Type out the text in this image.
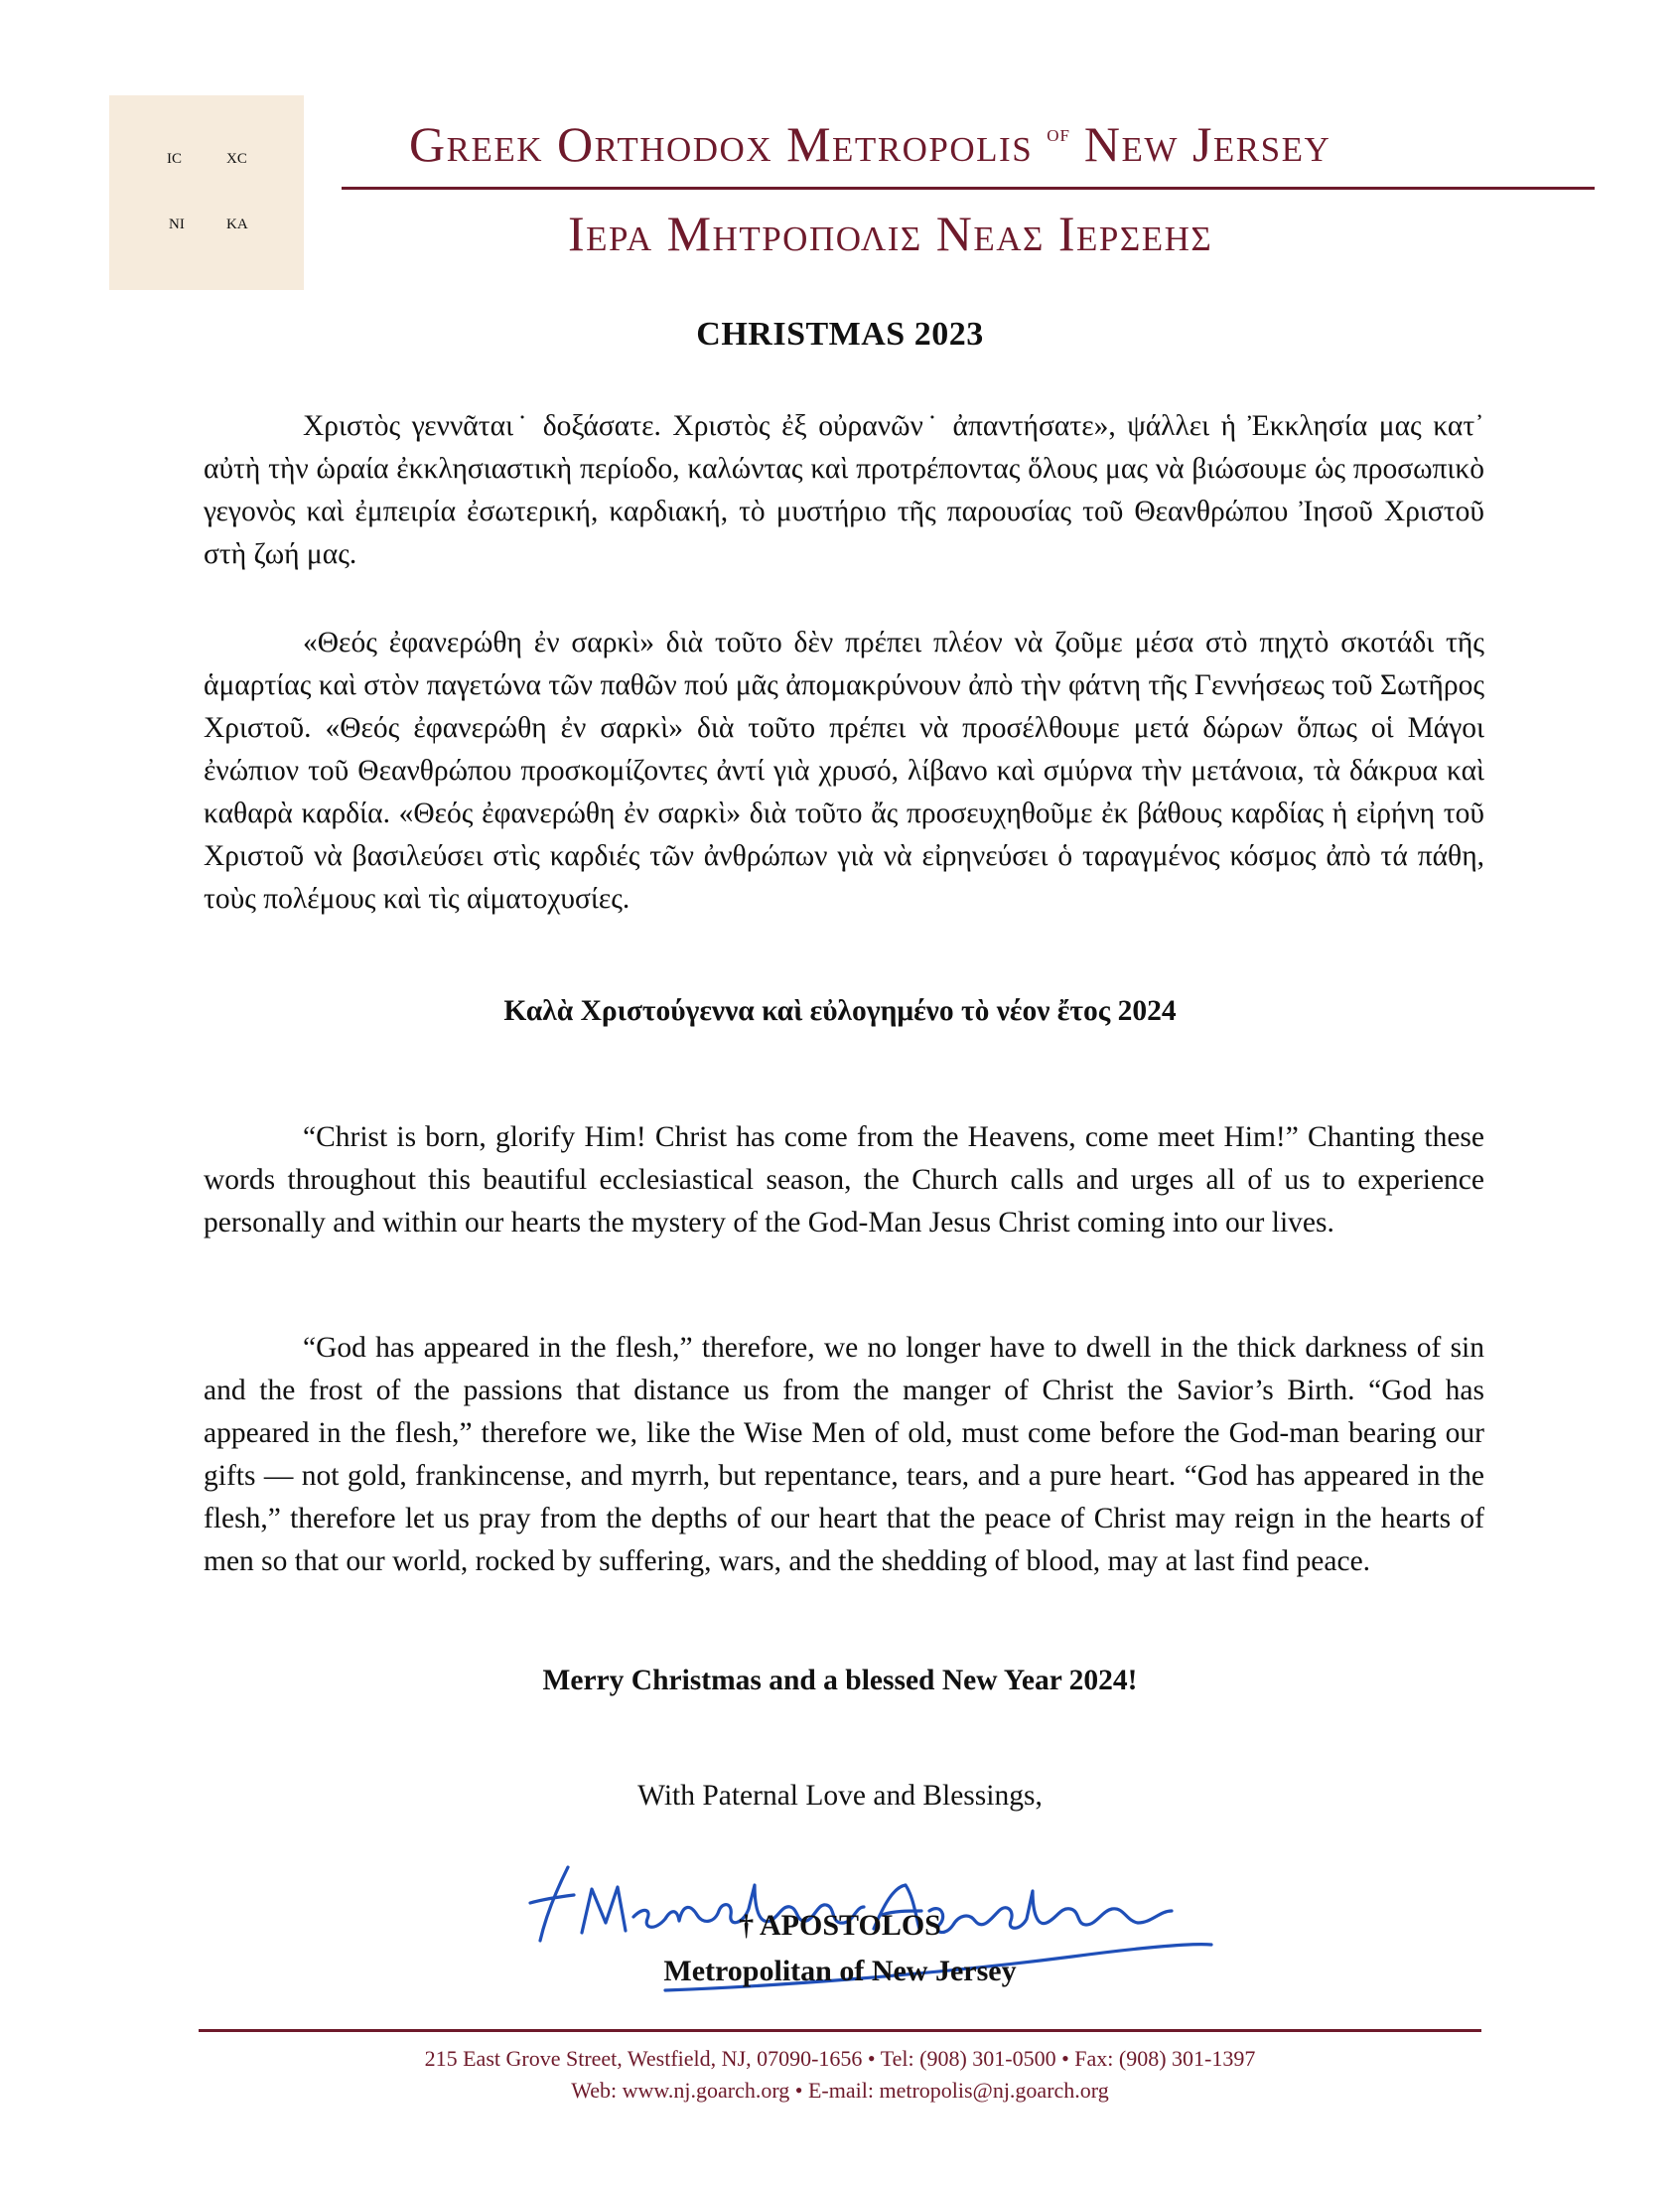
IC	XC
NI	KA
Greek Orthodox Metropolis $^{of}$ New Jersey
Ιερα Μητροπολις Νεας Ιερσεης
CHRISTMAS 2023
Χριστὸς γεννᾶται˙ δοξάσατε. Χριστὸς ἐξ οὐρανῶν˙ ἀπαντήσατε», ψάλλει ἡ Ἐκκλησία μας κατ᾽ αὐτὴ τὴν ὡραία ἐκκλησιαστικὴ περίοδο, καλώντας καὶ προτρέποντας ὅλους μας νὰ βιώσουμε ὡς προσωπικὸ γεγονὸς καὶ ἐμπειρία ἐσωτερική, καρδιακή, τὸ μυστήριο τῆς παρουσίας τοῦ Θεανθρώπου Ἰησοῦ Χριστοῦ στὴ ζωή μας.
«Θεός ἐφανερώθη ἐν σαρκὶ» διὰ τοῦτο δὲν πρέπει πλέον νὰ ζοῦμε μέσα στὸ πηχτὸ σκοτάδι τῆς ἁμαρτίας καὶ στὸν παγετώνα τῶν παθῶν πού μᾶς ἀπομακρύνουν ἀπὸ τὴν φάτνη τῆς Γεννήσεως τοῦ Σωτῆρος Χριστοῦ. «Θεός ἐφανερώθη ἐν σαρκὶ» διὰ τοῦτο πρέπει νὰ προσέλθουμε μετά δώρων ὅπως οἱ Μάγοι ἐνώπιον τοῦ Θεανθρώπου προσκομίζοντες ἀντί γιὰ χρυσό, λίβανο καὶ σμύρνα τὴν μετάνοια, τὰ δάκρυα καὶ καθαρὰ καρδία. «Θεός ἐφανερώθη ἐν σαρκὶ» διὰ τοῦτο ἄς προσευχηθοῦμε ἐκ βάθους καρδίας ἡ εἰρήνη τοῦ Χριστοῦ νὰ βασιλεύσει στὶς καρδιές τῶν ἀνθρώπων γιὰ νὰ εἰρηνεύσει ὁ ταραγμένος κόσμος ἀπὸ τά πάθη, τοὺς πολέμους καὶ τὶς αἱματοχυσίες.
Καλὰ Χριστούγεννα καὶ εὐλογημένο τὸ νέον ἔτος 2024
“Christ is born, glorify Him! Christ has come from the Heavens, come meet Him!” Chanting these words throughout this beautiful ecclesiastical season, the Church calls and urges all of us to experience personally and within our hearts the mystery of the God-Man Jesus Christ coming into our lives.
“God has appeared in the flesh,” therefore, we no longer have to dwell in the thick darkness of sin and the frost of the passions that distance us from the manger of Christ the Savior’s Birth. “God has appeared in the flesh,” therefore we, like the Wise Men of old, must come before the God-man bearing our gifts — not gold, frankincense, and myrrh, but repentance, tears, and a pure heart. “God has appeared in the flesh,” therefore let us pray from the depths of our heart that the peace of Christ may reign in the hearts of men so that our world, rocked by suffering, wars, and the shedding of blood, may at last find peace.
Merry Christmas and a blessed New Year 2024!
With Paternal Love and Blessings,
† APOSTOLOS
Metropolitan of New Jersey
215 East Grove Street, Westfield, NJ, 07090-1656 • Tel: (908) 301-0500 • Fax: (908) 301-1397
Web: www.nj.goarch.org • E-mail: metropolis@nj.goarch.org
